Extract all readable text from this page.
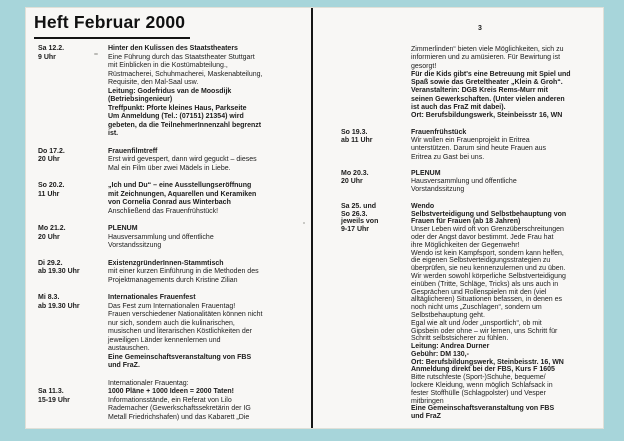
Heft Februar 2000	3
Sa 12.2.
9 Uhr
Hinter den Kulissen des Staatstheaters
Eine Führung durch das Staatstheater Stuttgart
mit Einblicken in die Kostümabteilung.,
Rüstmacherei, Schuhmacherei, Maskenabteilung,
Requisite, den Mal-Saal usw.
Leitung: Godefridus van de Moosdijk
(Betriebsingenieur)
Treffpunkt: Pforte kleines Haus, Parkseite
Um Anmeldung (Tel.: (07151) 21354) wird
gebeten, da die TeilnehmerInnenzahl begrenzt
ist.
Do 17.2.
20 Uhr
Frauenfilmtreff
Erst wird gevespert, dann wird geguckt – dieses
Mal ein Film über zwei Mädels in Liebe.
So 20.2.
11 Uhr
„Ich und Du“ – eine Ausstellungseröffnung
mit Zeichnungen, Aquarellen und Keramiken
von Cornelia Conrad aus Winterbach
Anschließend das Frauenfrühstück!
Mo 21.2.
20 Uhr
PLENUM
Hausversammlung und öffentliche
Vorstandssitzung
Di 29.2.
ab 19.30 Uhr
ExistenzgründerInnen-Stammtisch
mit einer kurzen Einführung in die Methoden des
Projektmanagements durch Kristine Zilian
Mi 8.3.
ab 19.30 Uhr
Internationales Frauenfest
Das Fest zum Internationalen Frauentag!
Frauen verschiedener Nationalitäten können nicht
nur sich, sondern auch die kulinarischen,
musischen und literarischen Köstlichkeiten der
jeweiligen Länder kennenlernen und
austauschen.
Eine Gemeinschaftsveranstaltung von FBS
und FraZ.

Sa 11.3.
15-19 Uhr
Internationaler Frauentag:
1000 Pläne + 1000 Ideen = 2000 Taten!
Informationsstände, ein Referat von Lilo
Rademacher (Gewerkschaftssekretärin der IG
Metall Friedrichshafen) und das Kabarett „Die
Zimmerlinden“ bieten viele Möglichkeiten, sich zu
informieren und zu amüsieren. Für Bewirtung ist
gesorgt!
Für die Kids gibt's eine Betreuung mit Spiel und
Spaß sowie das Greteltheater „Klein & Groh“.
Veranstalterin: DGB Kreis Rems-Murr mit
seinen Gewerkschaften. (Unter vielen anderen
ist auch das FraZ mit dabei).
Ort: Berufsbildungswerk, Steinbeisstr 16, WN
So 19.3.
ab 11 Uhr
Frauenfrühstück
Wir wollen ein Frauenprojekt in Eritrea
unterstützen. Darum sind heute Frauen aus
Eritrea zu Gast bei uns.
Mo 20.3.
20 Uhr
PLENUM
Hausversammlung und öffentliche
Vorstandssitzung
Sa 25. und
So 26.3.
jeweils von
9-17 Uhr
Wendo
Selbstverteidigung und Selbstbehauptung von
Frauen für Frauen (ab 18 Jahren)
Unser Leben wird oft von Grenzüberschreitungen
oder der Angst davor bestimmt. Jede Frau hat
ihre Möglichkeiten der Gegenwehr!
Wendo ist kein Kampfsport, sondern kann helfen,
die eigenen Selbstverteidigungsstrategien zu
überprüfen, sie neu kennenzulernen und zu üben.
Wir werden sowohl körperliche Selbstverteidigung
einüben (Tritte, Schläge, Tricks) als uns auch in
Gesprächen und Rollenspielen mit den (viel
alltäglicheren) Situationen befassen, in denen es
noch nicht ums „Zuschlagen“, sondern um
Selbstbehauptung geht.
Egal wie alt und /oder „unsportlich“, ob mit
Gipsbein oder ohne – wir lernen, uns Schritt für
Schritt selbstsicherer zu fühlen.
Leitung: Andrea Durner
Gebühr: DM 130,-
Ort: Berufsbildungswerk, Steinbeisstr. 16, WN
Anmeldung direkt bei der FBS, Kurs F 1605
Bitte rutschfeste (Sport-)Schuhe, bequeme/
lockere Kleidung, wenn möglich Schlafsack in
fester Stoffhülle (Schlagpolster) und Vesper
mitbringen
Eine Gemeinschaftsveranstaltung von FBS
und FraZ
